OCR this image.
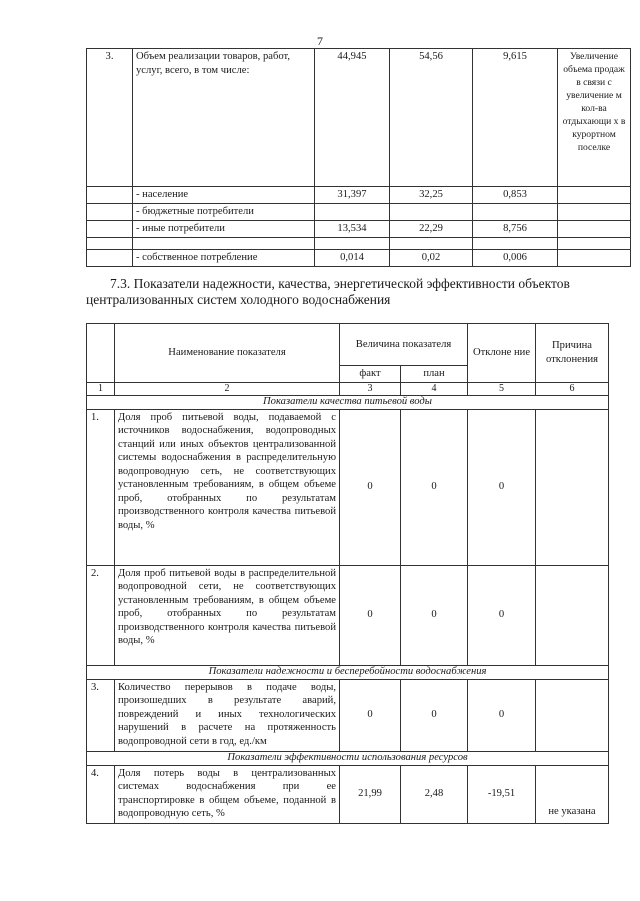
7
3.	Объем реализации товаров, работ, услуг, всего, в том числе:	44,945	54,56	9,615	Увеличение объема продаж в связи с увеличение м кол-ва отдыхающи х в курортном поселке
	- население	31,397	32,25	0,853	
	- бюджетные потребители				
	- иные потребители	13,534	22,29	8,756	

	- собственное потребление	0,014	0,02	0,006	
7.3. Показатели надежности, качества, энергетической эффективности объектов
централизованных систем холодного водоснабжения
	Наименование показателя	Величина показателя		Отклоне ние	Причина отклонения
		факт	план		
1	2	3	4	5	6
Показатели качества питьевой воды					
1.	Доля проб питьевой воды, подаваемой с источников водоснабжения, водопроводных станций или иных объектов централизованной системы водоснабжения в распределительную водопроводную сеть, не соответствующих установленным требованиям, в общем объеме проб, отобранных по результатам производственного контроля качества питьевой воды, %	0	0	0	
2.	Доля проб питьевой воды в распределительной водопроводной сети, не соответствующих установленным требованиям, в общем объеме проб, отобранных по результатам производственного контроля качества питьевой воды, %	0	0	0	
Показатели надежности и бесперебойности водоснабжения					
3.	Количество перерывов в подаче воды, произошедших в результате аварий, повреждений и иных технологических нарушений в расчете на протяженность водопроводной сети в год, ед./км	0	0	0	
Показатели эффективности использования ресурсов					
4.	Доля потерь воды в централизованных системах водоснабжения при ее транспортировке в общем объеме, поданной в водопроводную сеть, %	21,99	2,48	-19,51	не указана
